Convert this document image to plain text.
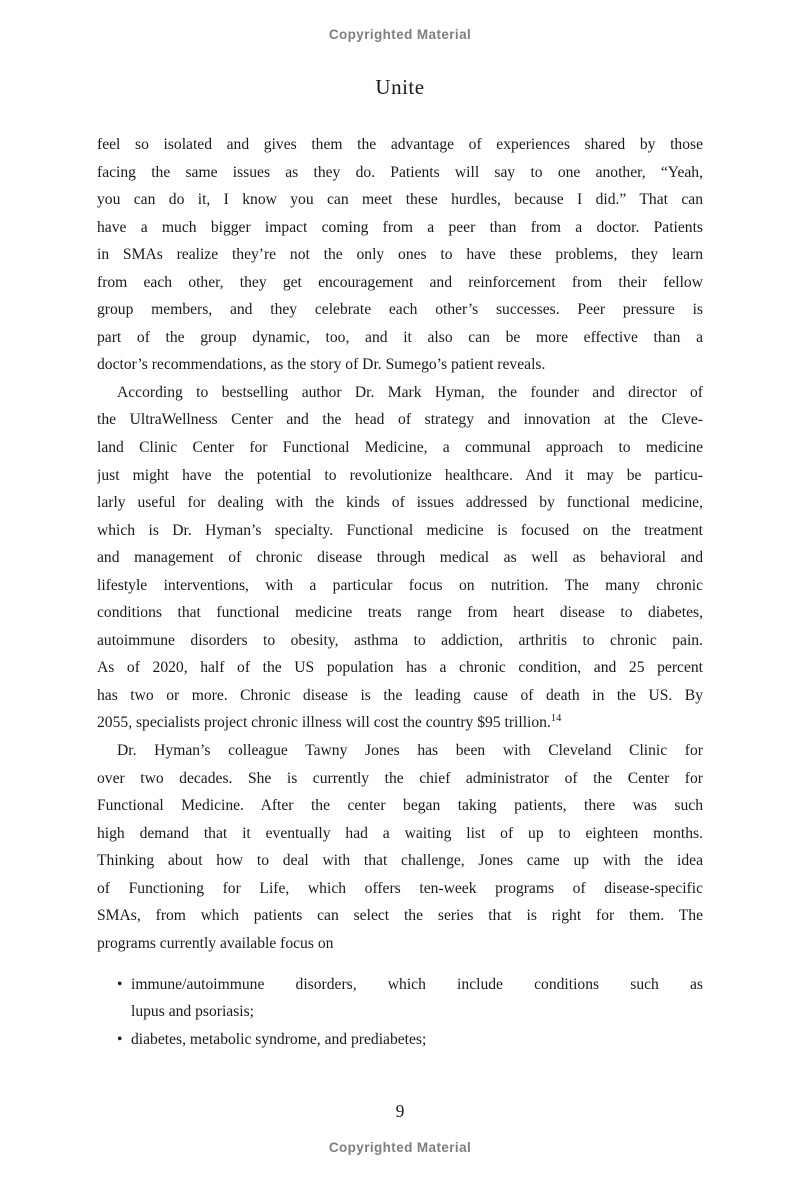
Copyrighted Material
Unite
feel so isolated and gives them the advantage of experiences shared by those
facing the same issues as they do. Patients will say to one another, “Yeah,
you can do it, I know you can meet these hurdles, because I did.” That can
have a much bigger impact coming from a peer than from a doctor. Patients
in SMAs realize they’re not the only ones to have these problems, they learn
from each other, they get encouragement and reinforcement from their fellow
group members, and they celebrate each other’s successes. Peer pressure is
part of the group dynamic, too, and it also can be more effective than a
doctor’s recommendations, as the story of Dr. Sumego’s patient reveals.
According to bestselling author Dr. Mark Hyman, the founder and director of
the UltraWellness Center and the head of strategy and innovation at the Cleve-
land Clinic Center for Functional Medicine, a communal approach to medicine
just might have the potential to revolutionize healthcare. And it may be particu-
larly useful for dealing with the kinds of issues addressed by functional medicine,
which is Dr. Hyman’s specialty. Functional medicine is focused on the treatment
and management of chronic disease through medical as well as behavioral and
lifestyle interventions, with a particular focus on nutrition. The many chronic
conditions that functional medicine treats range from heart disease to diabetes,
autoimmune disorders to obesity, asthma to addiction, arthritis to chronic pain.
As of 2020, half of the US population has a chronic condition, and 25 percent
has two or more. Chronic disease is the leading cause of death in the US. By
2055, specialists project chronic illness will cost the country $95 trillion.$^{14}$
Dr. Hyman’s colleague Tawny Jones has been with Cleveland Clinic for
over two decades. She is currently the chief administrator of the Center for
Functional Medicine. After the center began taking patients, there was such
high demand that it eventually had a waiting list of up to eighteen months.
Thinking about how to deal with that challenge, Jones came up with the idea
of Functioning for Life, which offers ten-week programs of disease-specific
SMAs, from which patients can select the series that is right for them. The
programs currently available focus on
• immune/autoimmune disorders, which include conditions such as
lupus and psoriasis;
• diabetes, metabolic syndrome, and prediabetes;
9
Copyrighted Material
